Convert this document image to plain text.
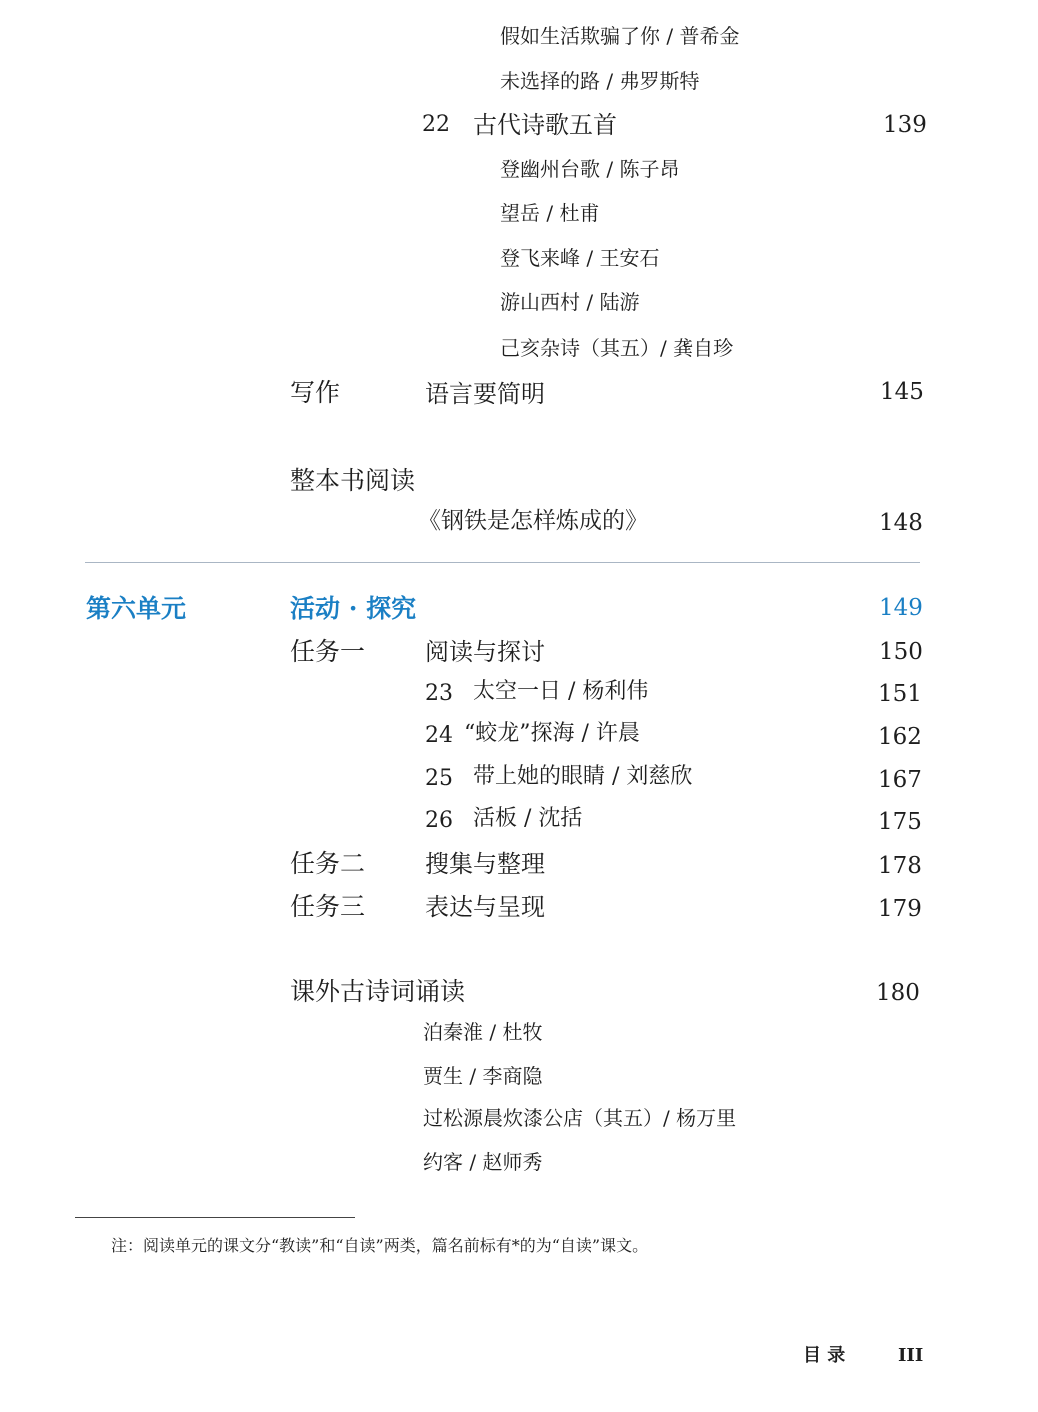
假如生活欺骗了你 / 普希金
未选择的路 / 弗罗斯特
22 古代诗歌五首	139
登幽州台歌 / 陈子昂
望岳 / 杜甫
登飞来峰 / 王安石
游山西村 / 陆游
己亥杂诗（其五）/ 龚自珍
写作	语言要简明	145
整本书阅读
《钢铁是怎样炼成的》	148
第六单元	活动 · 探究	149
任务一 阅读与探讨	150
23 太空一日 / 杨利伟	151
24 “蛟龙”探海 / 许晨	162
25 带上她的眼睛 / 刘慈欣	167
26 活板 / 沈括	175
任务二 搜集与整理	178
任务三 表达与呈现	179
课外古诗词诵读	180
泊秦淮 / 杜牧
贾生 / 李商隐
过松源晨炊漆公店（其五）/ 杨万里
约客 / 赵师秀
注：阅读单元的课文分“教读”和“自读”两类，篇名前标有*的为“自读”课文。
目 录	III
